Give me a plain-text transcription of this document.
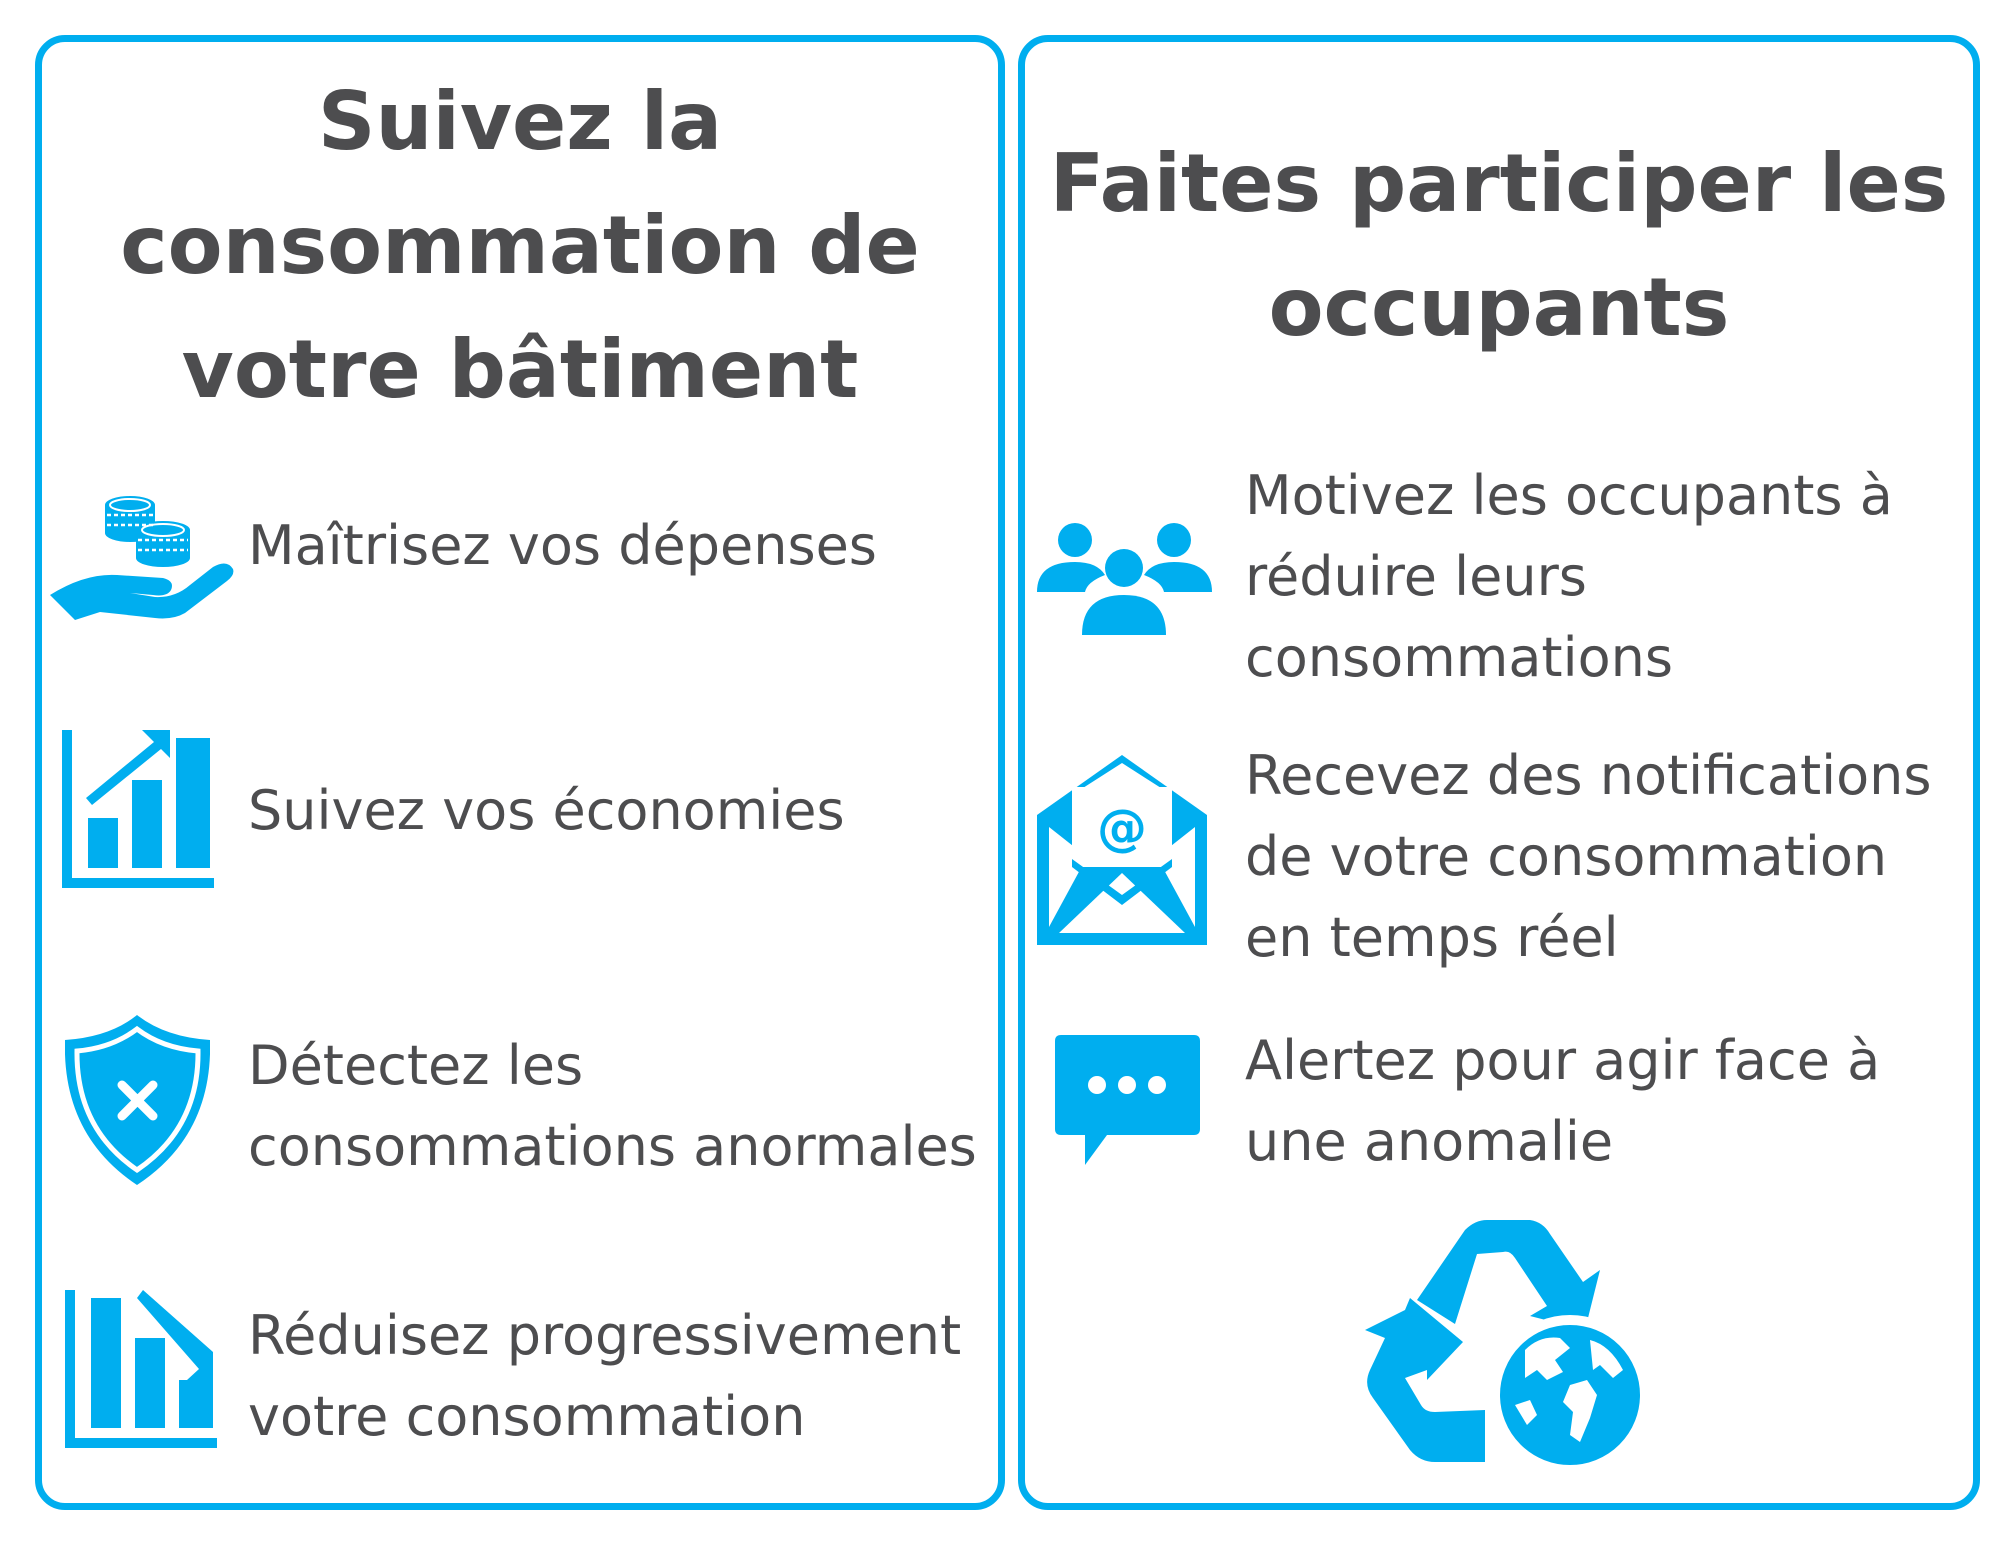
Suivez la
consommation de
votre bâtiment
Maîtrisez vos dépenses
Suivez vos économies
Détectez les
consommations anormales
Réduisez progressivement
votre consommation
Faites participer les
occupants
Motivez les occupants à
réduire leurs
consommations
@
Recevez des notifications
de votre consommation
en temps réel
Alertez pour agir face à
une anomalie
